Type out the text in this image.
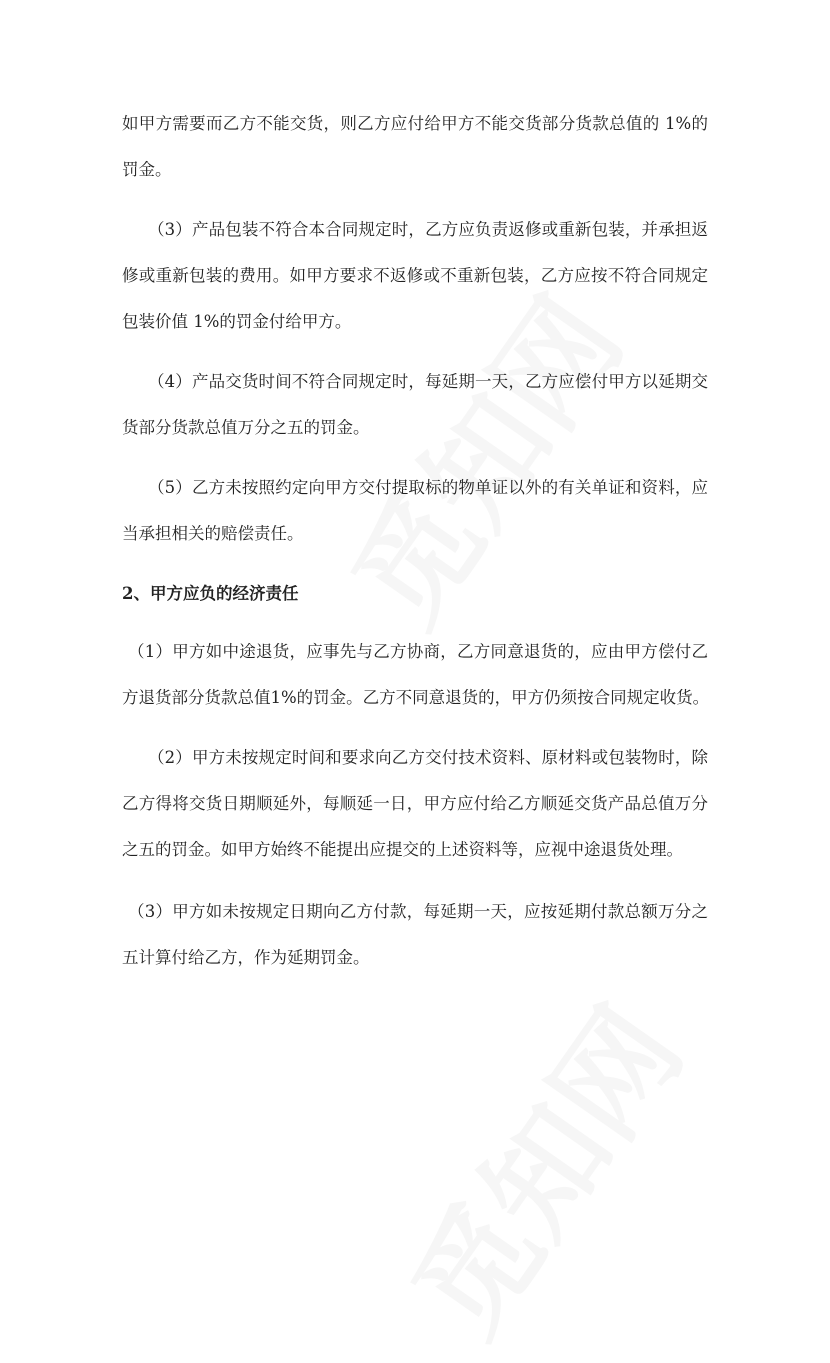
如甲方需要而乙方不能交货，则乙方应付给甲方不能交货部分货款总值的 1%的
罚金。
（3）产品包装不符合本合同规定时，乙方应负责返修或重新包装，并承担返
修或重新包装的费用。如甲方要求不返修或不重新包装，乙方应按不符合同规定
包装价值 1%的罚金付给甲方。
（4）产品交货时间不符合同规定时，每延期一天，乙方应偿付甲方以延期交
货部分货款总值万分之五的罚金。
（5）乙方未按照约定向甲方交付提取标的物单证以外的有关单证和资料，应
当承担相关的赔偿责任。
2、甲方应负的经济责任
（1）甲方如中途退货，应事先与乙方协商，乙方同意退货的，应由甲方偿付乙
方退货部分货款总值1%的罚金。乙方不同意退货的，甲方仍须按合同规定收货。
（2）甲方未按规定时间和要求向乙方交付技术资料、原材料或包装物时，除
乙方得将交货日期顺延外，每顺延一日，甲方应付给乙方顺延交货产品总值万分
之五的罚金。如甲方始终不能提出应提交的上述资料等，应视中途退货处理。
（3）甲方如未按规定日期向乙方付款，每延期一天，应按延期付款总额万分之
五计算付给乙方，作为延期罚金。
